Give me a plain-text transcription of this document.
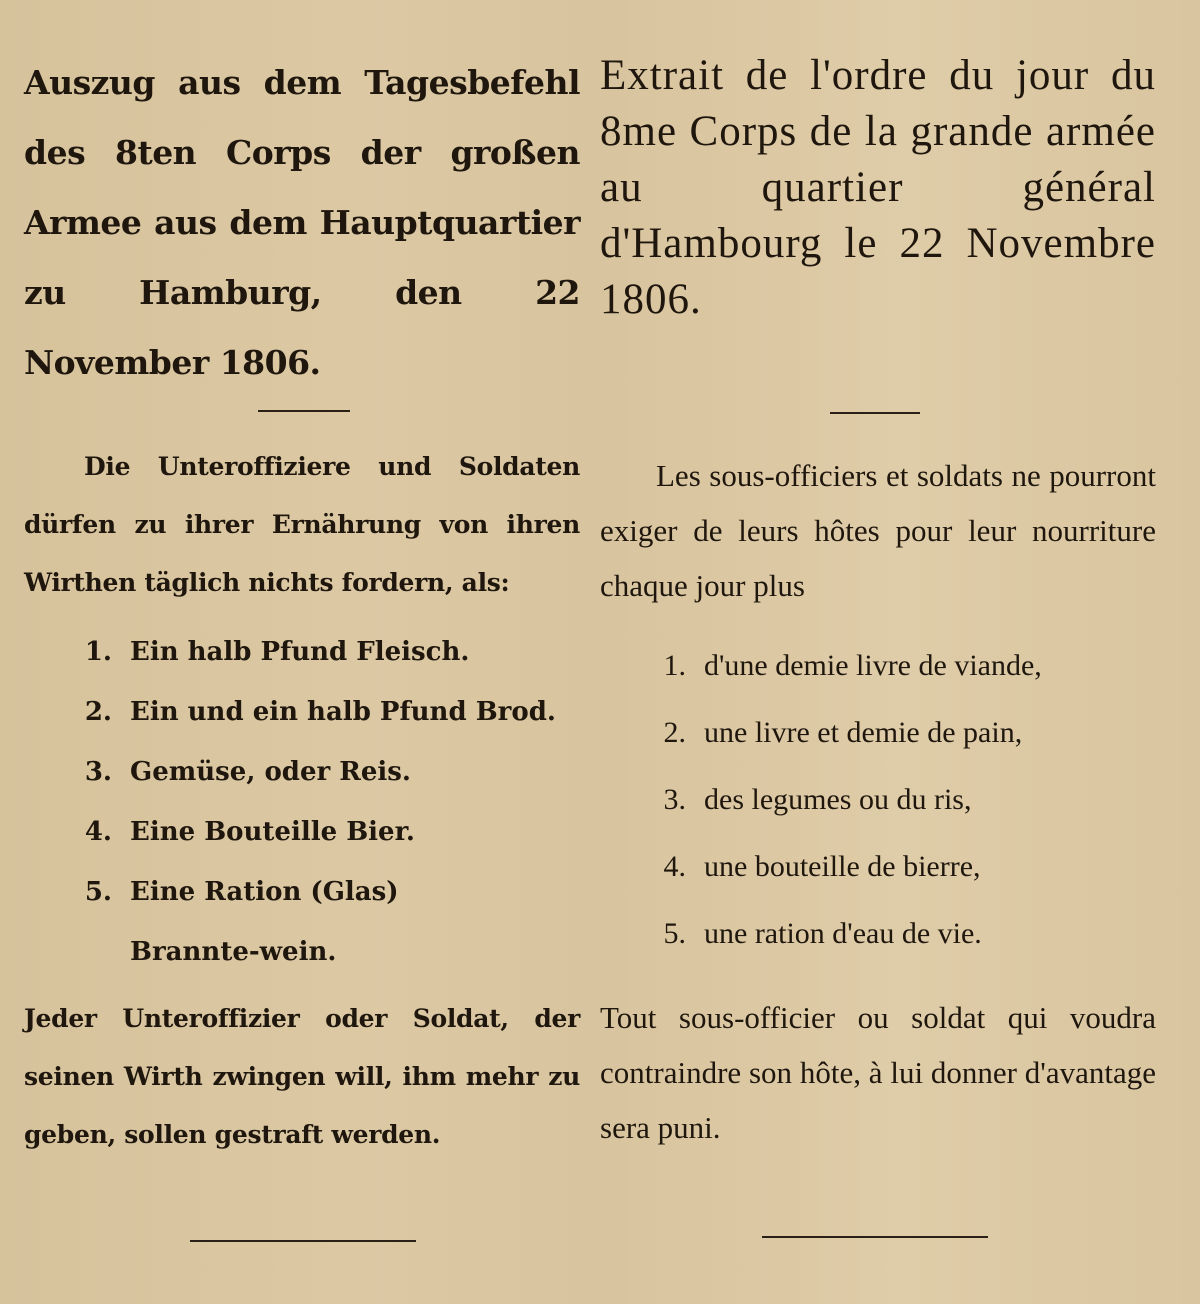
Auszug aus dem Tagesbefehl des 8ten Corps der großen Armee aus dem Hauptquartier zu Hamburg, den 22 November 1806.

Die Unteroffiziere und Soldaten dürfen zu ihrer Ernährung von ihren Wirthen täglich nichts fordern, als:

1. Ein halb Pfund Fleisch.
2. Ein und ein halb Pfund Brod.
3. Gemüse, oder Reis.
4. Eine Bouteille Bier.
5. Eine Ration (Glas) Brannte-wein.

Jeder Unteroffizier oder Soldat, der seinen Wirth zwingen will, ihm mehr zu geben, sollen gestraft werden.

Extrait de l'ordre du jour du 8me Corps de la grande armée au quartier général d'Hambourg le 22 Novembre 1806.

Les sous-officiers et soldats ne pourront exiger de leurs hôtes pour leur nourriture chaque jour plus

1. d'une demie livre de viande,
2. une livre et demie de pain,
3. des legumes ou du ris,
4. une bouteille de bierre,
5. une ration d'eau de vie.

Tout sous-officier ou soldat qui voudra contraindre son hôte, à lui donner d'avantage sera puni.
